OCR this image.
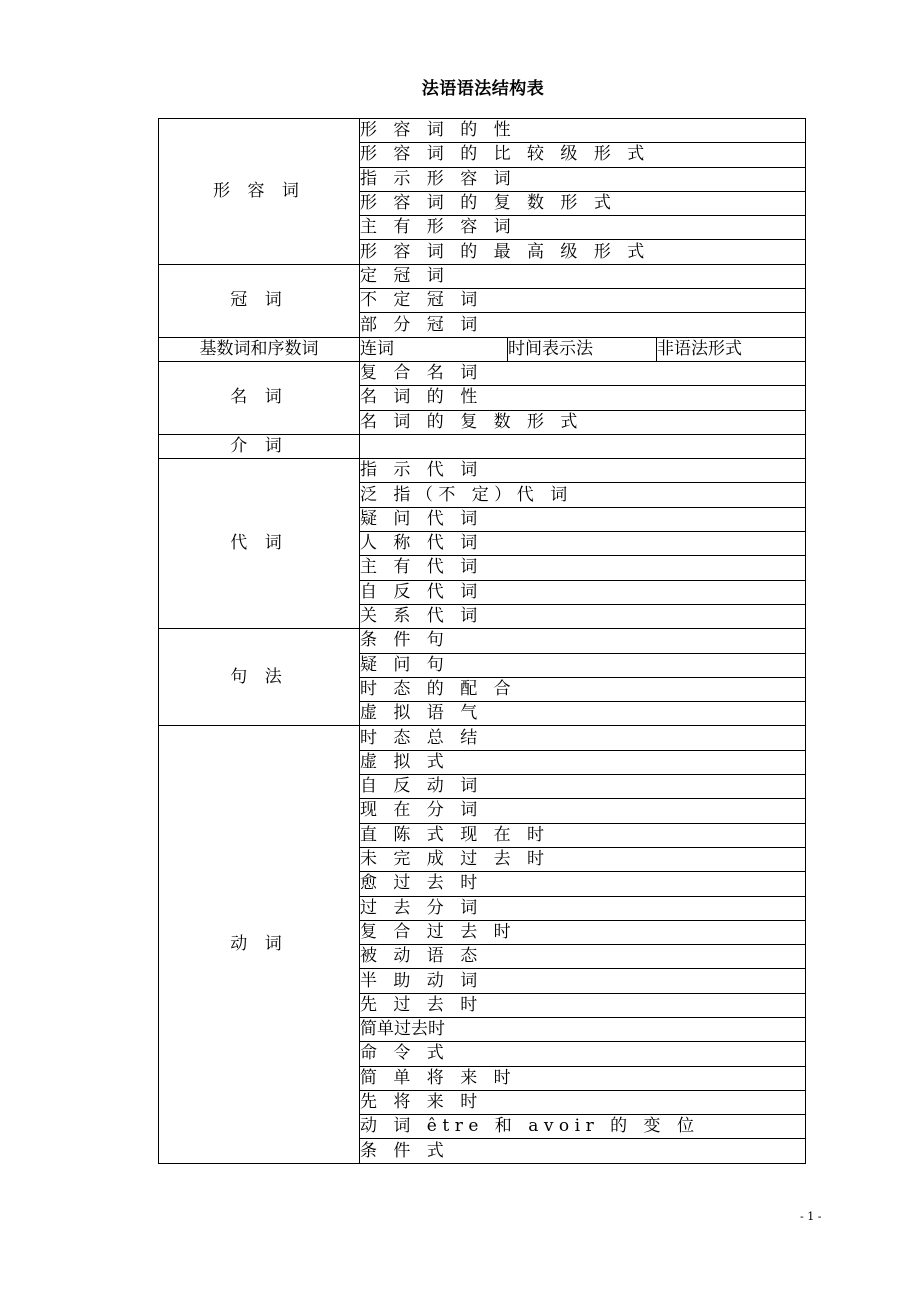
法语语法结构表
形 容 词	形 容 词 的 性		
	形 容 词 的 比 较 级 形 式		
	指 示 形 容 词		
	形 容 词 的 复 数 形 式		
	主 有 形 容 词		
	形 容 词 的 最 高 级 形 式		
冠 词	定 冠 词		
	不 定 冠 词		
	部 分 冠 词		
基数词和序数词	连词	时间表示法	非语法形式
名 词	复 合 名 词		
	名 词 的 性		
	名 词 的 复 数 形 式		
介 词			
代 词	指 示 代 词		
	泛 指（不 定）代 词		
	疑 问 代 词		
	人 称 代 词		
	主 有 代 词		
	自 反 代 词		
	关 系 代 词		
句 法	条 件 句		
	疑 问 句		
	时 态 的 配 合		
	虚 拟 语 气		
动 词	时 态 总 结		
	虚 拟 式		
	自 反 动 词		
	现 在 分 词		
	直 陈 式 现 在 时		
	未 完 成 过 去 时		
	愈 过 去 时		
	过 去 分 词		
	复 合 过 去 时		
	被 动 语 态		
	半 助 动 词		
	先 过 去 时		
	简单过去时		
	命 令 式		
	简 单 将 来 时		
	先 将 来 时		
	动 词 être 和 avoir 的 变 位		
	条 件 式		
- 1 -
